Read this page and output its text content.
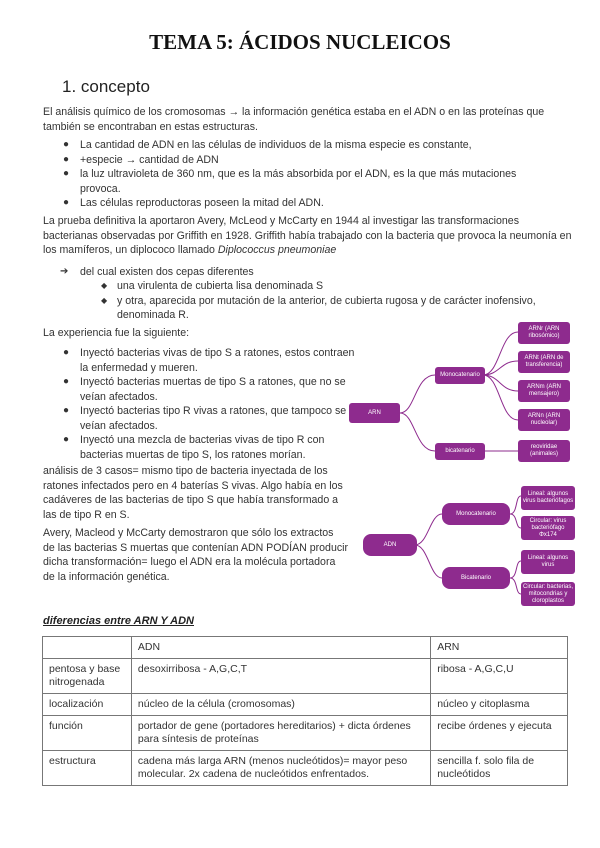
TEMA 5: ÁCIDOS NUCLEICOS
1. concepto
El análisis químico de los cromosomas → la información genética estaba en el ADN o en las proteínas que también se encontraban en estas estructuras.
● La cantidad de ADN en las células de individuos de la misma especie es constante,
● +especie → cantidad de ADN
● la luz ultravioleta de 360 nm, que es la más absorbida por el ADN, es la que más mutaciones provoca.
● Las células reproductoras poseen la mitad del ADN.
La prueba definitiva la aportaron Avery, McLeod y McCarty en 1944 al investigar las transformaciones bacterianas observadas por Griffith en 1928. Griffith había trabajado con la bacteria que provoca la neumonía en los mamíferos, un diplococo llamado Diplococcus pneumoniae
➔ del cual existen dos cepas diferentes
◆ una virulenta de cubierta lisa denominada S
◆ y otra, aparecida por mutación de la anterior, de cubierta rugosa y de carácter inofensivo, denominada R.
La experiencia fue la siguiente:
● Inyectó bacterias vivas de tipo S a ratones, estos contraen la enfermedad y mueren.
● Inyectó bacterias muertas de tipo S a ratones, que no se veían afectados.
● Inyectó bacterias tipo R vivas a ratones, que tampoco se veían afectados.
● Inyectó una mezcla de bacterias vivas de tipo R con bacterias muertas de tipo S, los ratones morían.
análisis de 3 casos= mismo tipo de bacteria inyectada de los ratones infectados pero en 4 baterías S vivas. Algo había en los cadáveres de las bacterias de tipo S que había transformado a las de tipo R en S.
Avery, Macleod y McCarty demostraron que sólo los extractos de las bacterias S muertas que contenían ADN PODÍAN producir dicha transformación= luego el ADN era la molécula portadora de la información genética.
ARN
Monocatenario
bicatenario
ARNr (ARN ribosómico)
ARNt (ARN de transferencia)
ARNm (ARN mensajero)
ARNn (ARN nucleolar)
reoviridae (animales)
ADN
Monocatenario
Bicatenario
Lineal: algunos virus bacteriófagos
Circular: virus bacteriófago Φx174
Lineal: algunos virus
Circular: bacterias, mitocondrias y cloroplastos
diferencias entre ARN Y ADN
	ADN	ARN
pentosa y base nitrogenada	desoxirribosa - A,G,C,T	ribosa - A,G,C,U
localización	núcleo de la célula (cromosomas)	núcleo y citoplasma
función	portador de gene (portadores hereditarios) + dicta órdenes para síntesis de proteínas	recibe órdenes y ejecuta
estructura	cadena más larga ARN (menos nucleótidos)= mayor peso molecular. 2x cadena de nucleótidos enfrentados.	sencilla f. solo fila de nucleótidos
